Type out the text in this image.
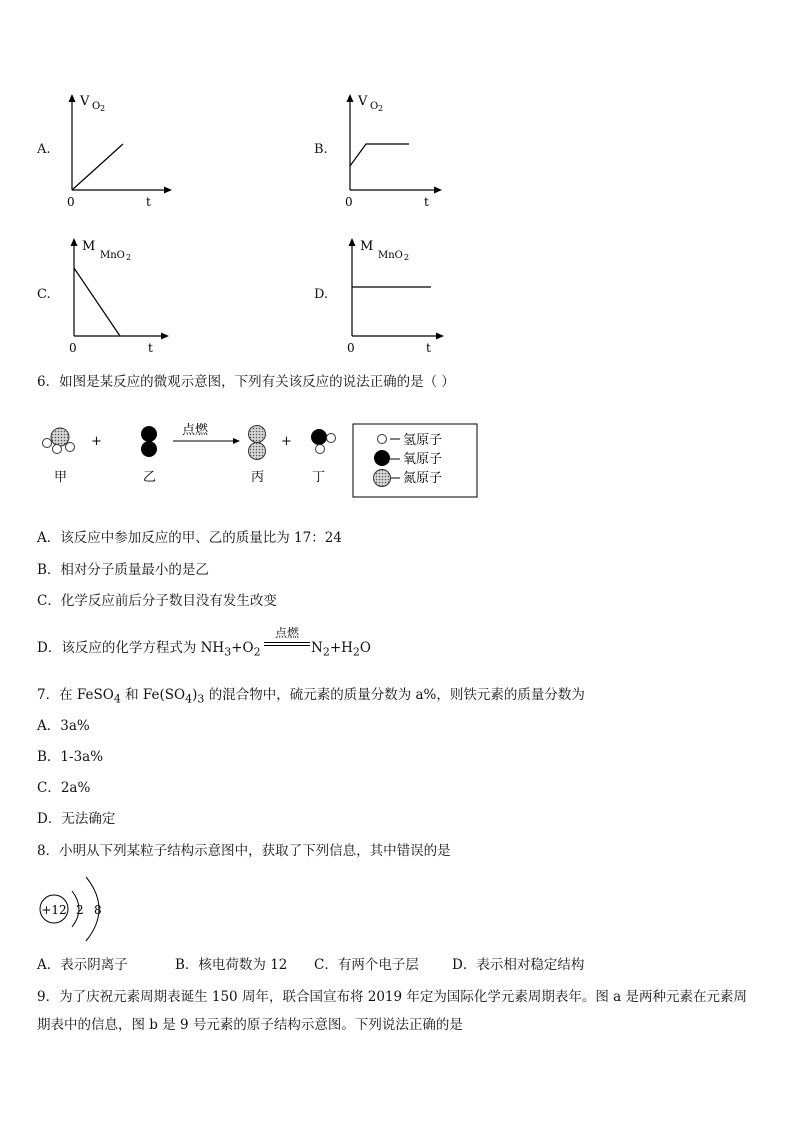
A.
V O 2
0	t
B.
V O 2
0	t
C.
M
MnO 2
0	t
D.
M
MnO 2
0	t
6．如图是某反应的微观示意图，下列有关该反应的说法正确的是（ ）
+
点燃
+
甲	乙	丙	丁
氢原子
氧原子
氮原子
A．该反应中参加反应的甲、乙的质量比为 17：24
B．相对分子质量最小的是乙
C．化学反应前后分子数目没有发生改变
D．该反应的化学方程式为 $NH_3+O_2$
点燃
$N_2+H_2O$
7．在 FeSO$_4$ 和 $Fe(SO_4)_3$ 的混合物中，硫元素的质量分数为 a%，则铁元素的质量分数为
A．3a%
B．1-3a%
C．2a%
D．无法确定
8．小明从下列某粒子结构示意图中，获取了下列信息，其中错误的是
+12 2 8
A．表示阴离子	B．核电荷数为 12 C．有两个电子层 D．表示相对稳定结构
9．为了庆祝元素周期表诞生 150 周年，联合国宣布将 2019 年定为国际化学元素周期表年。图 a 是两种元素在元素周
期表中的信息，图 b 是 9 号元素的原子结构示意图。下列说法正确的是
